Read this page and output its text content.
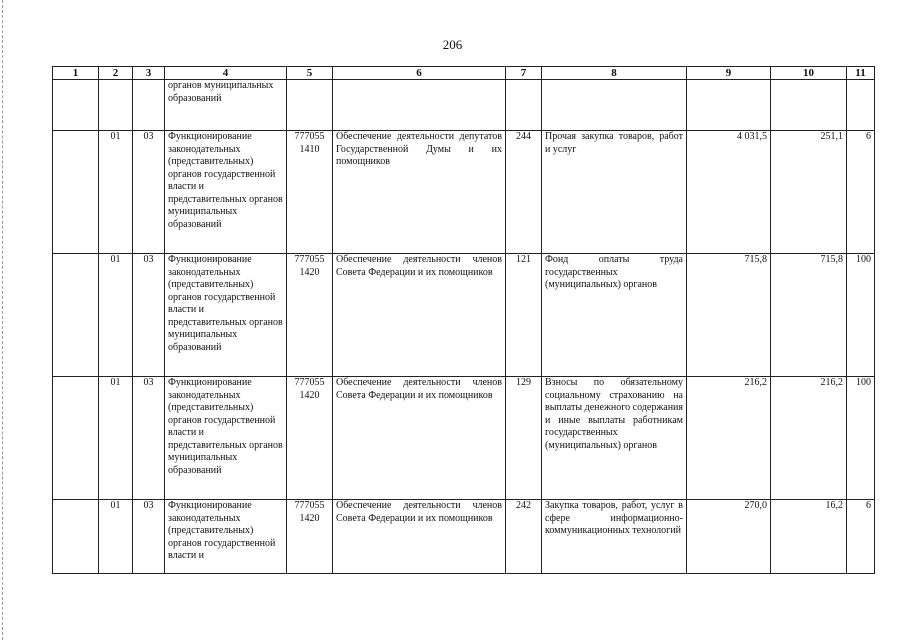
206
1	2	3	4	5	6	7	8	9	10	11
			органов муниципальных образований							
	01	03	Функционирование законодательных (представительных) органов государственной власти и представительных органов муниципальных образований	777055 1410	Обеспечение деятельности депутатов Государственной Думы и их помощников	244	Прочая закупка товаров, работ и услуг	4 031,5	251,1	6
	01	03	Функционирование законодательных (представительных) органов государственной власти и представительных органов муниципальных образований	777055 1420	Обеспечение деятельности членов Совета Федерации и их помощников	121	Фонд оплаты труда государственных (муниципальных) органов	715,8	715,8	100
	01	03	Функционирование законодательных (представительных) органов государственной власти и представительных органов муниципальных образований	777055 1420	Обеспечение деятельности членов Совета Федерации и их помощников	129	Взносы по обязательному социальному страхованию на выплаты денежного содержания и иные выплаты работникам государственных (муниципальных) органов	216,2	216,2	100
	01	03	Функционирование законодательных (представительных) органов государственной власти и	777055 1420	Обеспечение деятельности членов Совета Федерации и их помощников	242	Закупка товаров, работ, услуг в сфере информационно-коммуникационных технологий	270,0	16,2	6
